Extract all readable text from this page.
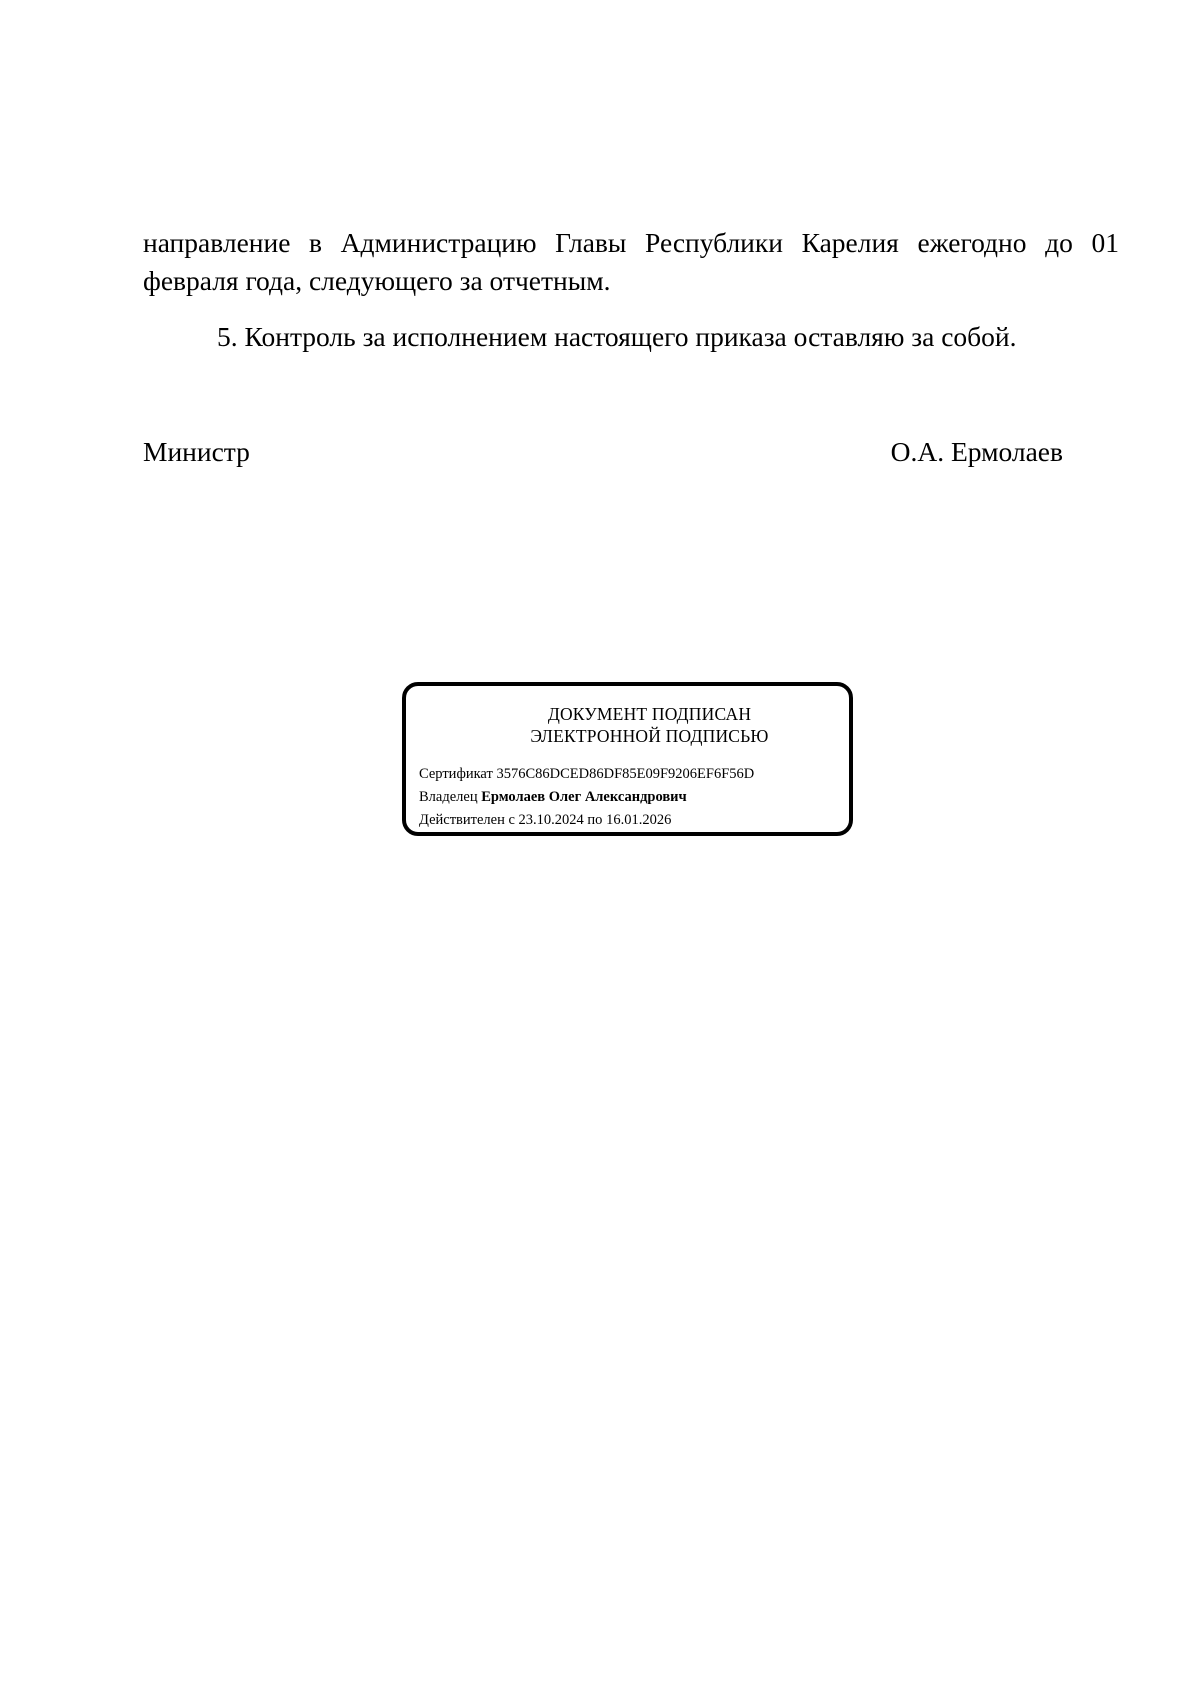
направление в Администрацию Главы Республики Карелия ежегодно до 01 февраля года, следующего за отчетным.

5. Контроль за исполнением настоящего приказа оставляю за собой.

Министр	О.А. Ермолаев
ДОКУМЕНТ ПОДПИСАН
ЭЛЕКТРОННОЙ ПОДПИСЬЮ
Сертификат 3576C86DCED86DF85E09F9206EF6F56D
Владелец Ермолаев Олег Александрович
Действителен с 23.10.2024 по 16.01.2026
